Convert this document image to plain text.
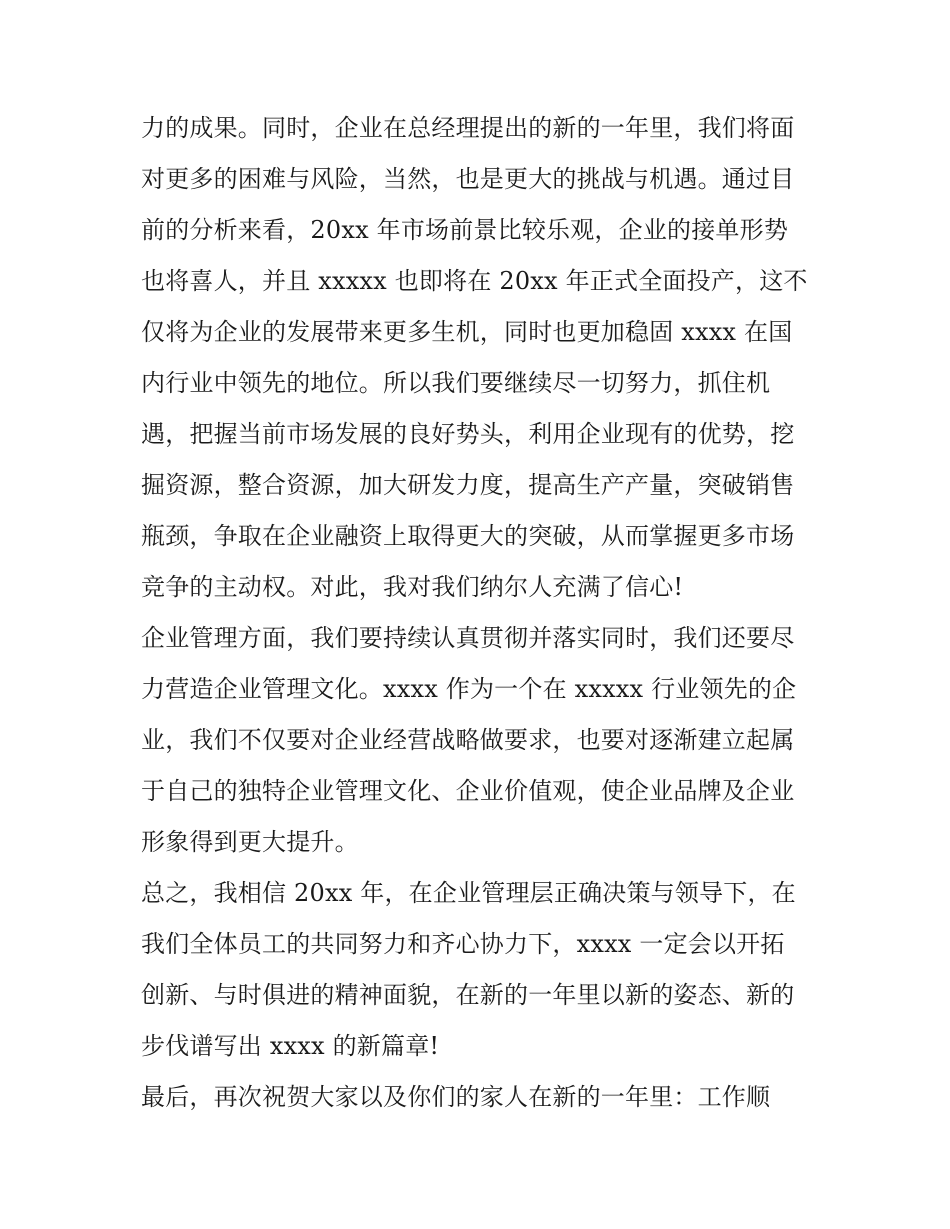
力的成果。同时，企业在总经理提出的新的一年里，我们将面
对更多的困难与风险，当然，也是更大的挑战与机遇。通过目
前的分析来看，20xx 年市场前景比较乐观，企业的接单形势
也将喜人，并且 xxxxx 也即将在 20xx 年正式全面投产，这不
仅将为企业的发展带来更多生机，同时也更加稳固 xxxx 在国
内行业中领先的地位。所以我们要继续尽一切努力，抓住机
遇，把握当前市场发展的良好势头，利用企业现有的优势，挖
掘资源，整合资源，加大研发力度，提高生产产量，突破销售
瓶颈，争取在企业融资上取得更大的突破，从而掌握更多市场
竞争的主动权。对此，我对我们纳尔人充满了信心!
企业管理方面，我们要持续认真贯彻并落实同时，我们还要尽
力营造企业管理文化。xxxx 作为一个在 xxxxx 行业领先的企
业，我们不仅要对企业经营战略做要求，也要对逐渐建立起属
于自己的独特企业管理文化、企业价值观，使企业品牌及企业
形象得到更大提升。
总之，我相信 20xx 年，在企业管理层正确决策与领导下，在
我们全体员工的共同努力和齐心协力下，xxxx 一定会以开拓
创新、与时俱进的精神面貌，在新的一年里以新的姿态、新的
步伐谱写出 xxxx 的新篇章!
最后，再次祝贺大家以及你们的家人在新的一年里：工作顺
